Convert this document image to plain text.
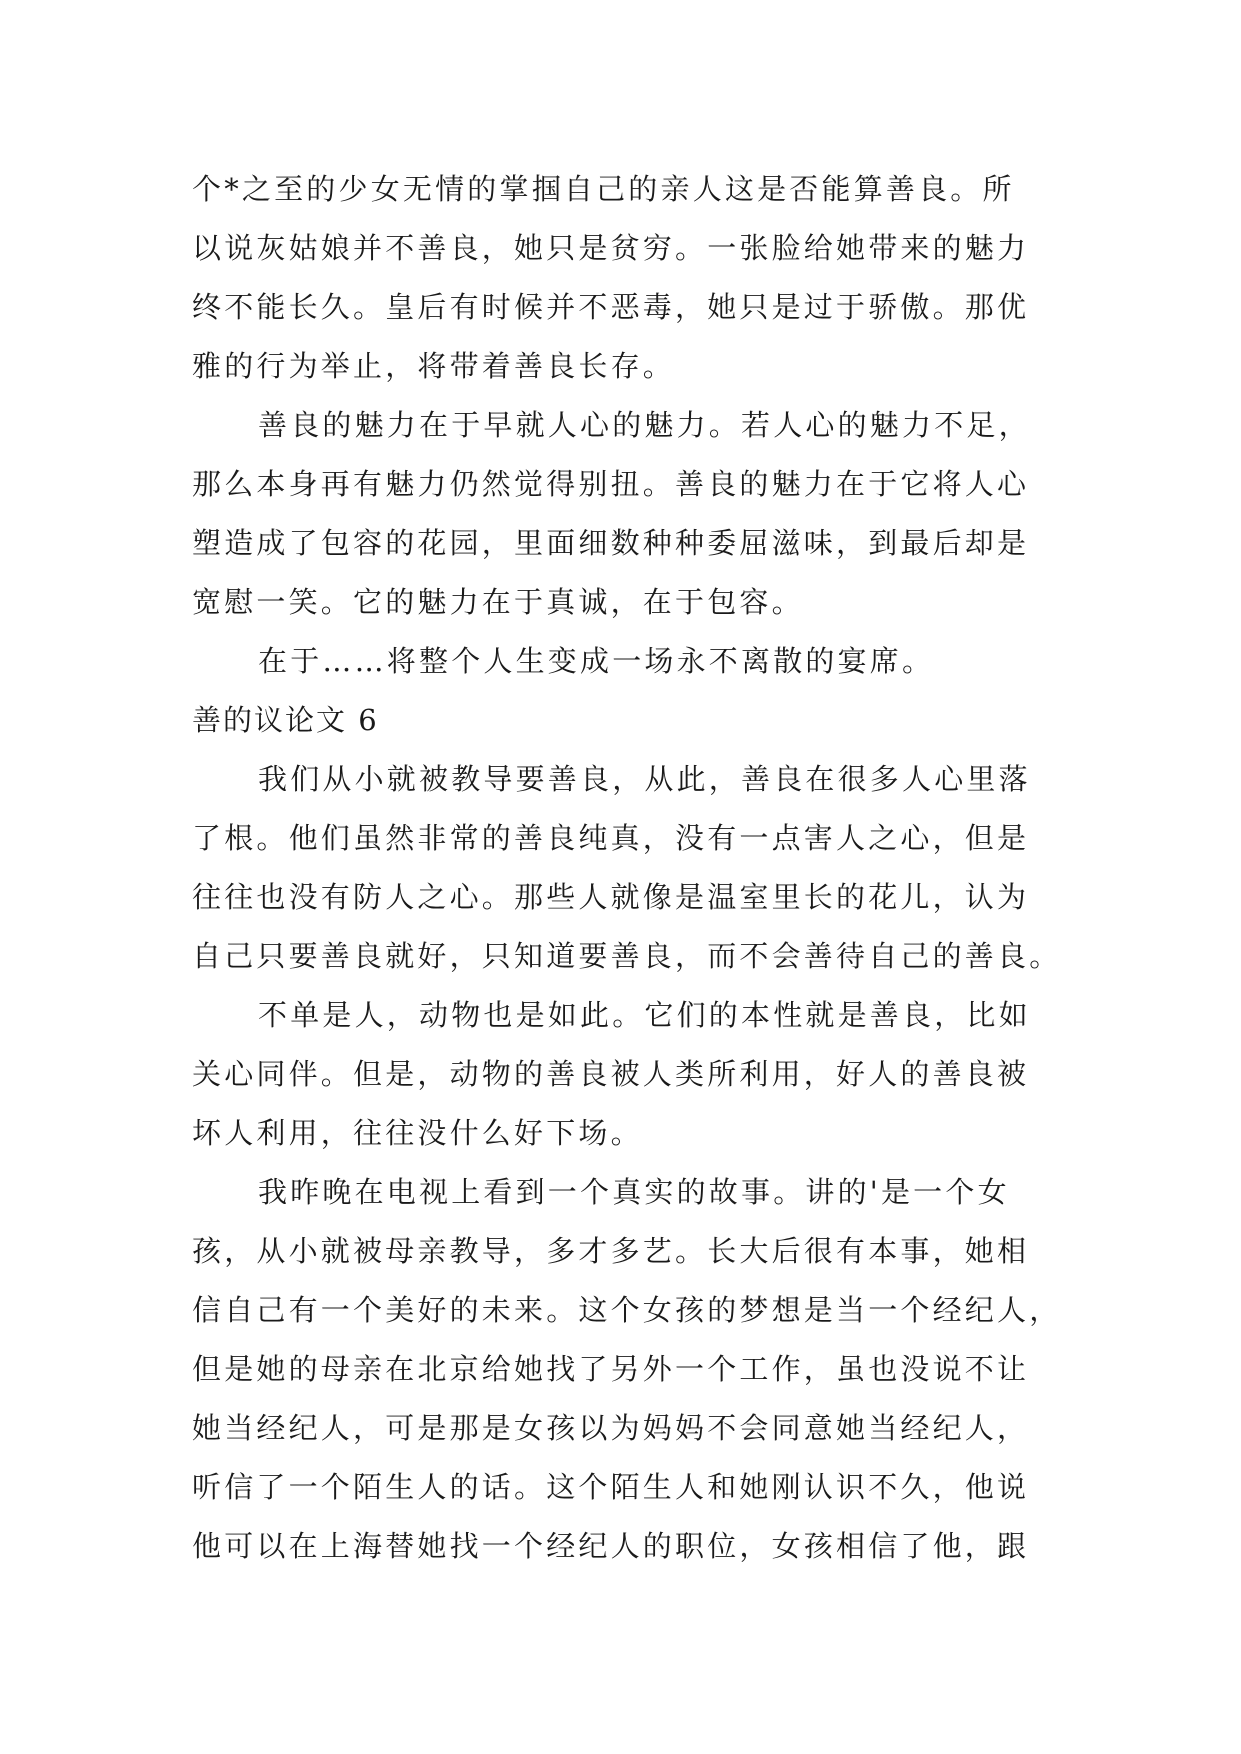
个*之至的少女无情的掌掴自己的亲人这是否能算善良。所
以说灰姑娘并不善良，她只是贫穷。一张脸给她带来的魅力
终不能长久。皇后有时候并不恶毒，她只是过于骄傲。那优
雅的行为举止，将带着善良长存。
善良的魅力在于早就人心的魅力。若人心的魅力不足，
那么本身再有魅力仍然觉得别扭。善良的魅力在于它将人心
塑造成了包容的花园，里面细数种种委屈滋味，到最后却是
宽慰一笑。它的魅力在于真诚，在于包容。
在于……将整个人生变成一场永不离散的宴席。
善的议论文 6
我们从小就被教导要善良，从此，善良在很多人心里落
了根。他们虽然非常的善良纯真，没有一点害人之心，但是
往往也没有防人之心。那些人就像是温室里长的花儿，认为
自己只要善良就好，只知道要善良，而不会善待自己的善良。
不单是人，动物也是如此。它们的本性就是善良，比如
关心同伴。但是，动物的善良被人类所利用，好人的善良被
坏人利用，往往没什么好下场。
我昨晚在电视上看到一个真实的故事。讲的'是一个女
孩，从小就被母亲教导，多才多艺。长大后很有本事，她相
信自己有一个美好的未来。这个女孩的梦想是当一个经纪人，
但是她的母亲在北京给她找了另外一个工作，虽也没说不让
她当经纪人，可是那是女孩以为妈妈不会同意她当经纪人，
听信了一个陌生人的话。这个陌生人和她刚认识不久，他说
他可以在上海替她找一个经纪人的职位，女孩相信了他，跟
